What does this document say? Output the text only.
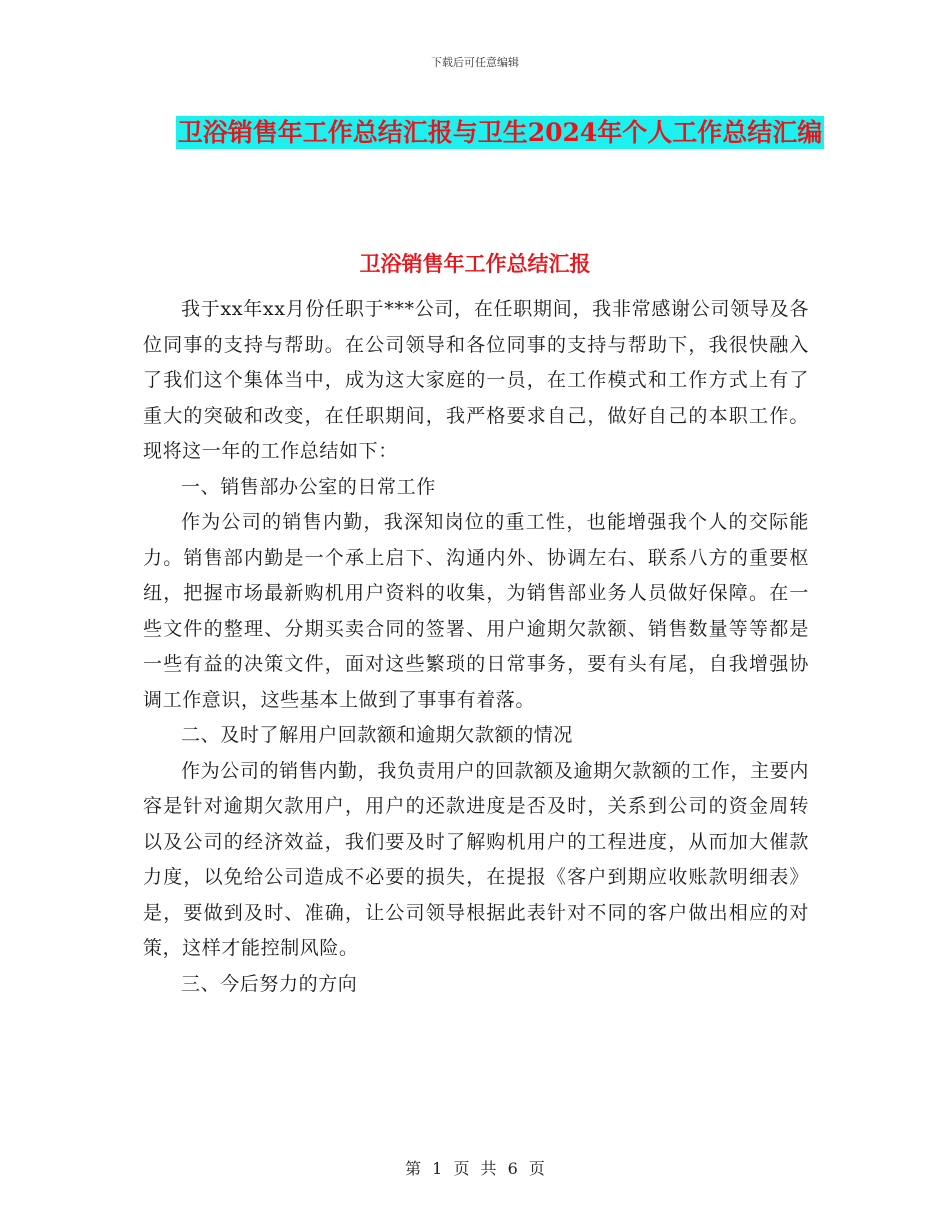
下载后可任意编辑
卫浴销售年工作总结汇报与卫生2024年个人工作总结汇编
卫浴销售年工作总结汇报

我于xx年xx月份任职于***公司，在任职期间，我非常感谢公司领导及各位同事的支持与帮助。在公司领导和各位同事的支持与帮助下，我很快融入了我们这个集体当中，成为这大家庭的一员，在工作模式和工作方式上有了重大的突破和改变，在任职期间，我严格要求自己，做好自己的本职工作。现将这一年的工作总结如下：

一、销售部办公室的日常工作

作为公司的销售内勤，我深知岗位的重工性，也能增强我个人的交际能力。销售部内勤是一个承上启下、沟通内外、协调左右、联系八方的重要枢纽，把握市场最新购机用户资料的收集，为销售部业务人员做好保障。在一些文件的整理、分期买卖合同的签署、用户逾期欠款额、销售数量等等都是一些有益的决策文件，面对这些繁琐的日常事务，要有头有尾，自我增强协调工作意识，这些基本上做到了事事有着落。

二、及时了解用户回款额和逾期欠款额的情况

作为公司的销售内勤，我负责用户的回款额及逾期欠款额的工作，主要内容是针对逾期欠款用户，用户的还款进度是否及时，关系到公司的资金周转以及公司的经济效益，我们要及时了解购机用户的工程进度，从而加大催款力度，以免给公司造成不必要的损失，在提报《客户到期应收账款明细表》是，要做到及时、准确，让公司领导根据此表针对不同的客户做出相应的对策，这样才能控制风险。

三、今后努力的方向

第 1 页 共 6 页
